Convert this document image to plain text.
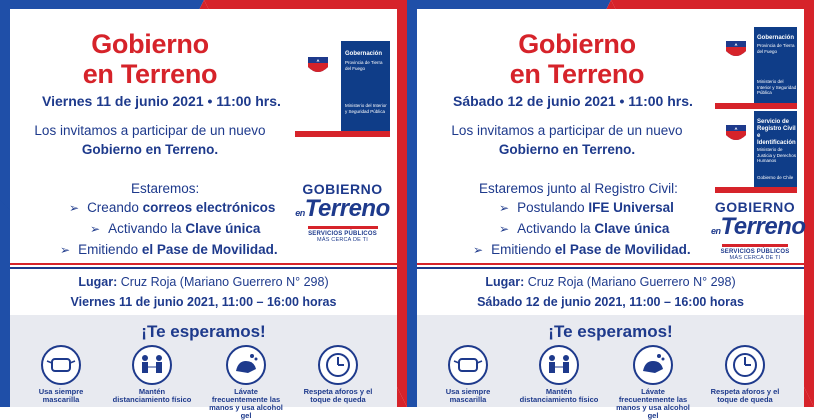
Gobierno
en Terreno
Viernes 11 de junio 2021 • 11:00 hrs.
Gobernación
Provincia de Tierra del Fuego
Ministerio del Interior y Seguridad Pública
Los invitamos a participar de un nuevo
Gobierno en Terreno.
Estaremos:
➢ Creando correos electrónicos
➢ Activando la Clave única
➢ Emitiendo el Pase de Movilidad.
GOBIERNO
enTerreno
SERVICIOS PÚBLICOS
MÁS CERCA DE TI
Lugar: Cruz Roja (Mariano Guerrero N° 298)
Viernes 11 de junio 2021, 11:00 – 16:00 horas
¡Te esperamos!
Usa siempre
mascarilla
Mantén
distanciamiento físico
Lávate frecuentemente las
manos y usa alcohol gel
Respeta aforos y el
toque de queda
Gobierno
en Terreno
Sábado 12 de junio 2021 • 11:00 hrs.
Gobernación
Provincia de Tierra del Fuego
Ministerio del Interior y Seguridad Pública
Servicio de Registro Civil e Identificación
Ministerio de Justicia y Derechos Humanos
Gobierno de Chile
Los invitamos a participar de un nuevo
Gobierno en Terreno.
Estaremos junto al Registro Civil:
➢ Postulando IFE Universal
➢ Activando la Clave única
➢ Emitiendo el Pase de Movilidad.
GOBIERNO
enTerreno
SERVICIOS PÚBLICOS
MÁS CERCA DE TI
Lugar: Cruz Roja (Mariano Guerrero N° 298)
Sábado 12 de junio 2021, 11:00 – 16:00 horas
¡Te esperamos!
Usa siempre
mascarilla
Mantén
distanciamiento físico
Lávate frecuentemente las
manos y usa alcohol gel
Respeta aforos y el
toque de queda
